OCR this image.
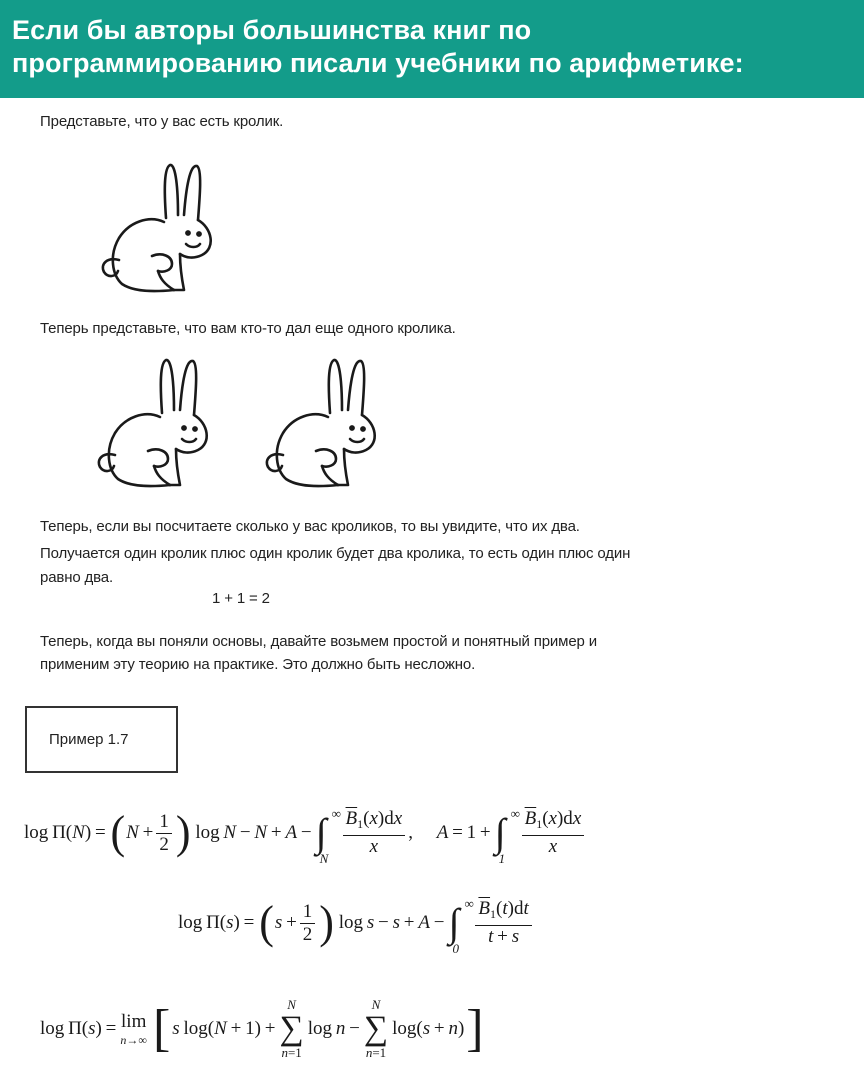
Если бы авторы большинства книг по
программированию писали учебники по арифметике:
Представьте, что у вас есть кролик.
Теперь представьте, что вам кто-то дал еще одного кролика.
Теперь, если вы посчитаете сколько у вас кроликов, то вы увидите, что их два.
Получается один кролик плюс один кролик будет два кролика, то есть один плюс один
равно два.
1 + 1 = 2
Теперь, когда вы поняли основы, давайте возьмем простой и понятный пример и
применим эту теорию на практике. Это должно быть несложно.
Пример 1.7
log Π(N) =  ( $N + \frac{1}{2}$ )  log N − N + A − ∫ ∞
N
$\frac{\overline{B}_1(x)dx}{x}$ ,     A = 1 + ∫ ∞
1
$\frac{\overline{B}_1(x)dx}{x}$
log Π(s) =  ( $s + \frac{1}{2}$ )  log s − s + A − ∫ ∞
0
$\frac{\overline{B}_1(t)dt}{t + s}$
log Π(s) = lim
n→∞ [ s log(N + 1) +
N
∑
n=1
log n −
N
∑
n=1
log(s + n) ]
